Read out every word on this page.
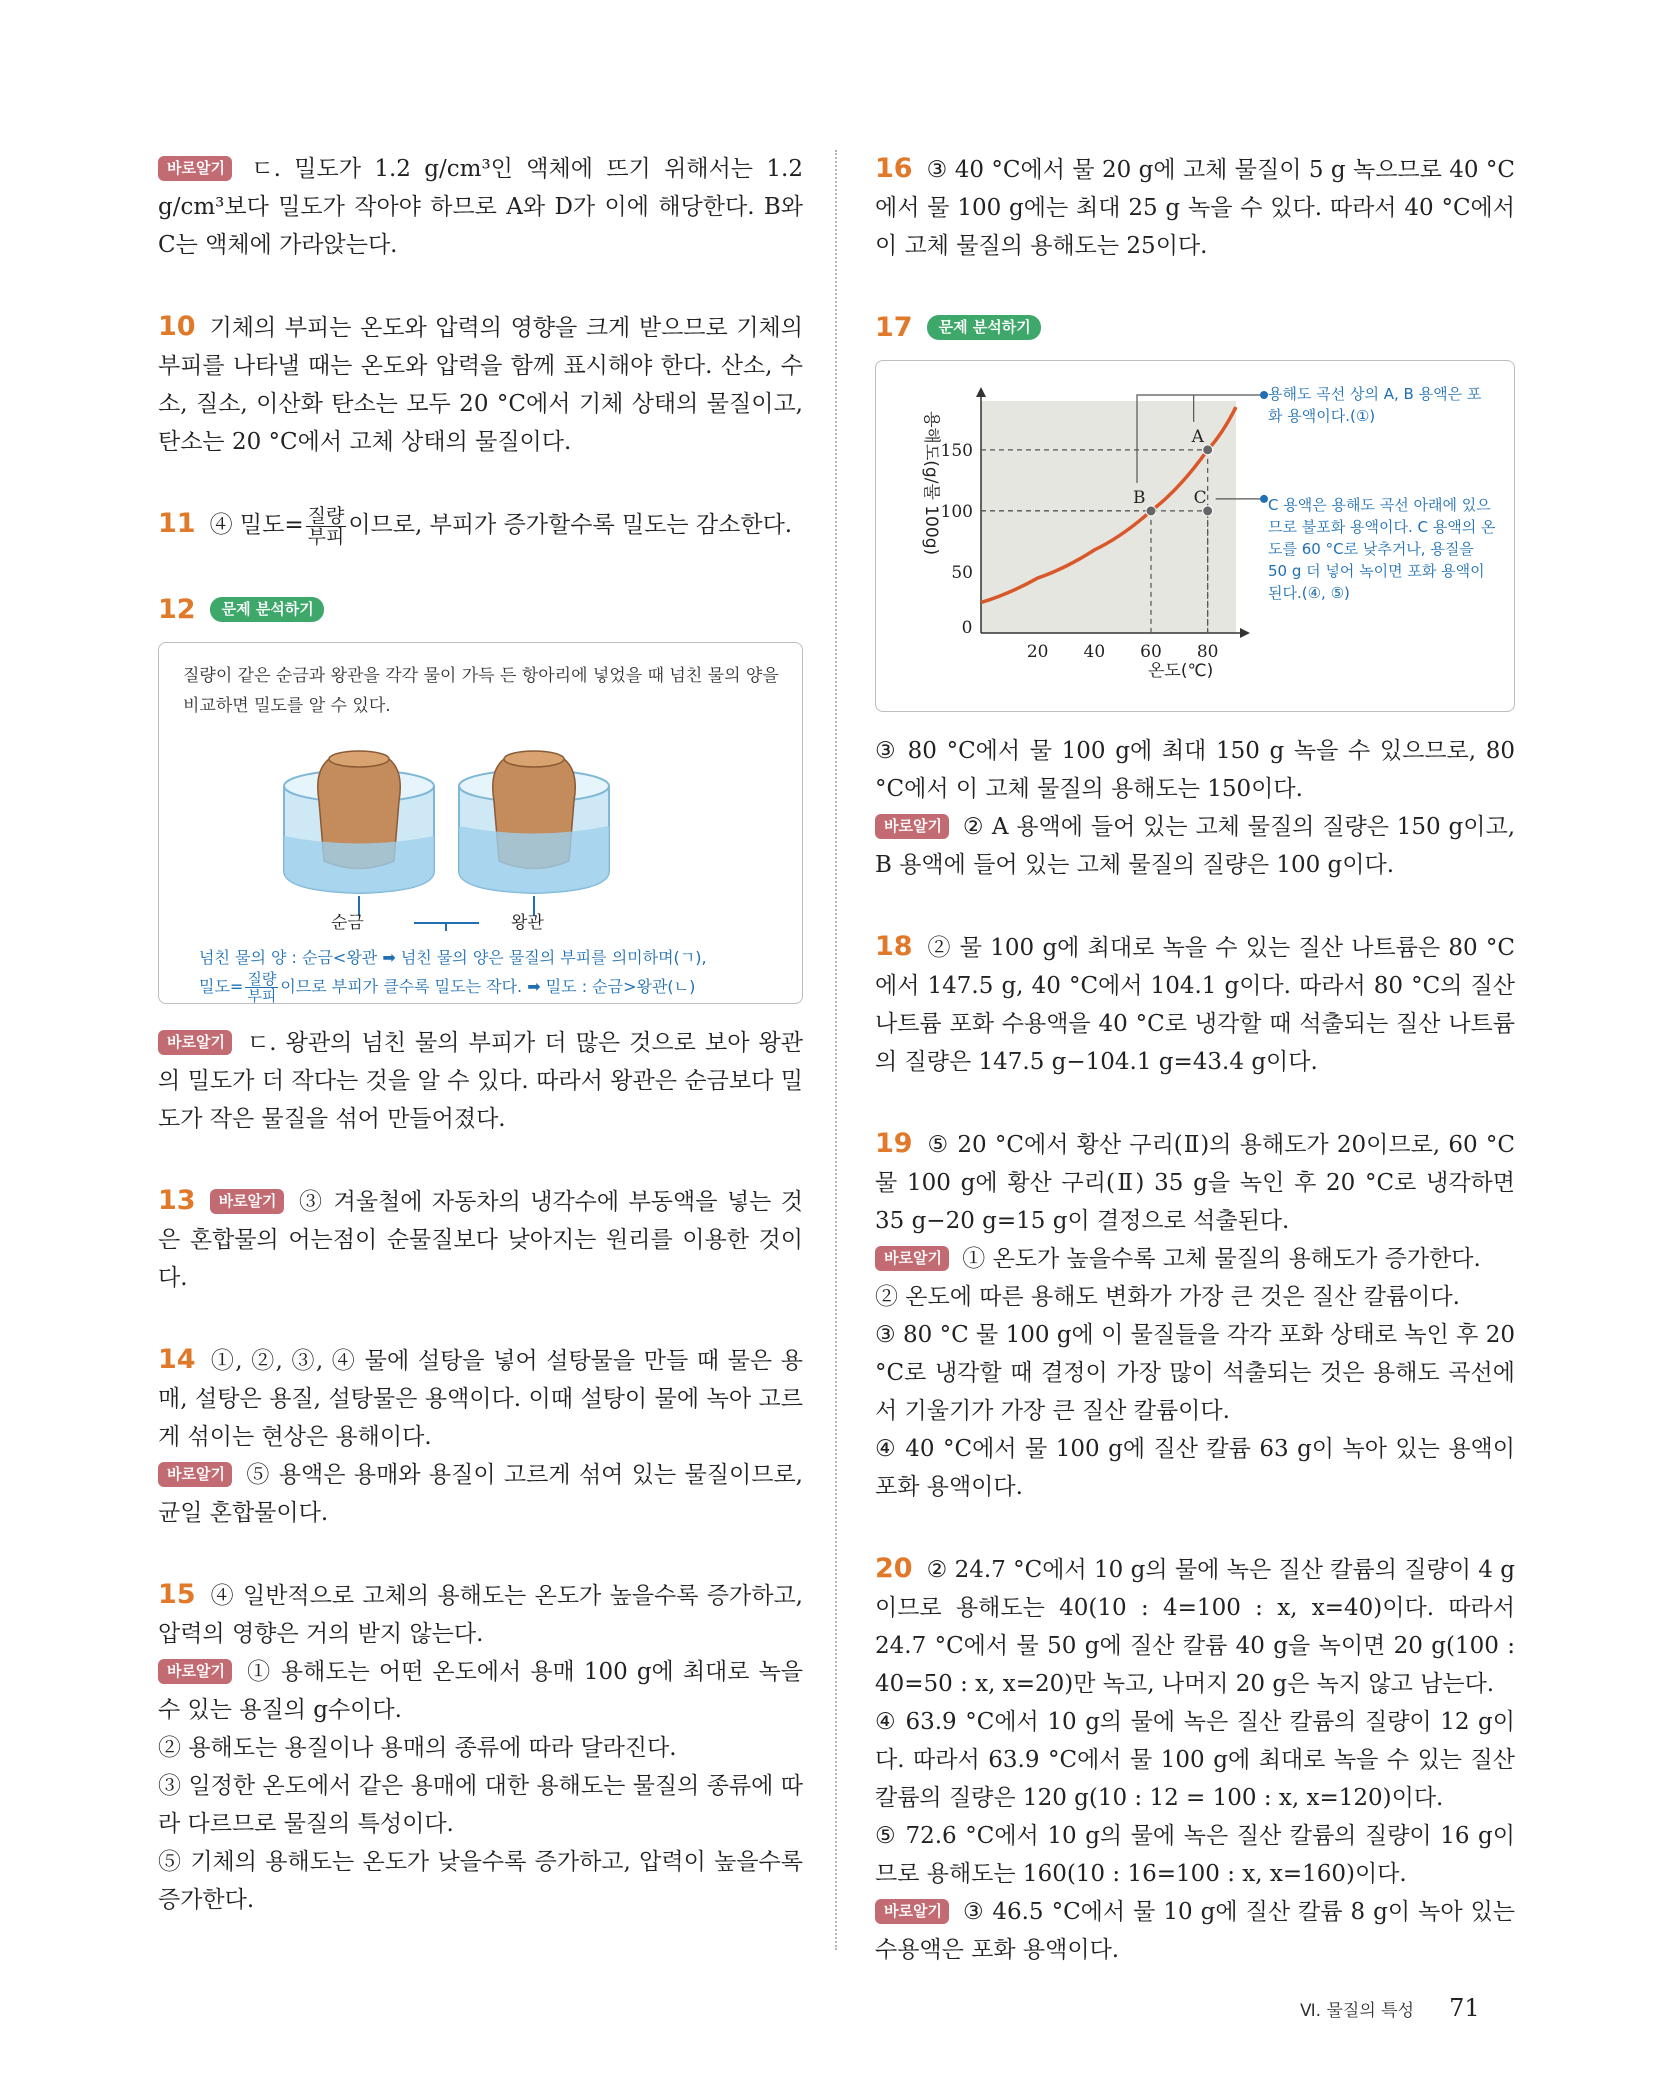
바로알기 ㄷ. 밀도가 1.2 g/cm³인 액체에 뜨기 위해서는 1.2 g/cm³보다 밀도가 작아야 하므로 A와 D가 이에 해당한다. B와 C는 액체에 가라앉는다.

10 기체의 부피는 온도와 압력의 영향을 크게 받으므로 기체의 부피를 나타낼 때는 온도와 압력을 함께 표시해야 한다. 산소, 수소, 질소, 이산화 탄소는 모두 20 °C에서 기체 상태의 물질이고, 탄소는 20 °C에서 고체 상태의 물질이다.

11 ④ 밀도= $\frac{\text{질량}}{\text{부피}}$ 이므로, 부피가 증가할수록 밀도는 감소한다.

12 문제 분석하기

질량이 같은 순금과 왕관을 각각 물이 가득 든 항아리에 넣었을 때 넘친 물의 양을 비교하면 밀도를 알 수 있다.
순금	왕관
넘친 물의 양 : 순금<왕관 ➡ 넘친 물의 양은 물질의 부피를 의미하며(ㄱ),
밀도= $\frac{\text{질량}}{\text{부피}}$ 이므로 부피가 클수록 밀도는 작다. ➡ 밀도 : 순금>왕관(ㄴ)

바로알기 ㄷ. 왕관의 넘친 물의 부피가 더 많은 것으로 보아 왕관의 밀도가 더 작다는 것을 알 수 있다. 따라서 왕관은 순금보다 밀도가 작은 물질을 섞어 만들어졌다.

13 바로알기 ③ 겨울철에 자동차의 냉각수에 부동액을 넣는 것은 혼합물의 어는점이 순물질보다 낮아지는 원리를 이용한 것이다.

14 ①, ②, ③, ④ 물에 설탕을 넣어 설탕물을 만들 때 물은 용매, 설탕은 용질, 설탕물은 용액이다. 이때 설탕이 물에 녹아 고르게 섞이는 현상은 용해이다.

바로알기 ⑤ 용액은 용매와 용질이 고르게 섞여 있는 물질이므로, 균일 혼합물이다.

15 ④ 일반적으로 고체의 용해도는 온도가 높을수록 증가하고, 압력의 영향은 거의 받지 않는다.

바로알기 ① 용해도는 어떤 온도에서 용매 100 g에 최대로 녹을 수 있는 용질의 g수이다.

② 용해도는 용질이나 용매의 종류에 따라 달라진다.

③ 일정한 온도에서 같은 용매에 대한 용해도는 물질의 종류에 따라 다르므로 물질의 특성이다.

⑤ 기체의 용해도는 온도가 낮을수록 증가하고, 압력이 높을수록 증가한다.

16 ③ 40 °C에서 물 20 g에 고체 물질이 5 g 녹으므로 40 °C에서 물 100 g에는 최대 25 g 녹을 수 있다. 따라서 40 °C에서 이 고체 물질의 용해도는 25이다.

17 문제 분석하기

용해도(g/물 100g)
온도(℃)
0
20 40 60 80
50
100
150
A
B	C
용해도 곡선 상의 A, B 용액은 포화 용액이다.(①)
C 용액은 용해도 곡선 아래에 있으므로 불포화 용액이다. C 용액의 온도를 60 °C로 낮추거나, 용질을 50 g 더 넣어 녹이면 포화 용액이 된다.(④, ⑤)

③ 80 °C에서 물 100 g에 최대 150 g 녹을 수 있으므로, 80 °C에서 이 고체 물질의 용해도는 150이다.

바로알기 ② A 용액에 들어 있는 고체 물질의 질량은 150 g이고, B 용액에 들어 있는 고체 물질의 질량은 100 g이다.

18 ② 물 100 g에 최대로 녹을 수 있는 질산 나트륨은 80 °C에서 147.5 g, 40 °C에서 104.1 g이다. 따라서 80 °C의 질산 나트륨 포화 수용액을 40 °C로 냉각할 때 석출되는 질산 나트륨의 질량은 147.5 g−104.1 g=43.4 g이다.

19 ⑤ 20 °C에서 황산 구리(Ⅱ)의 용해도가 20이므로, 60 °C 물 100 g에 황산 구리(Ⅱ) 35 g을 녹인 후 20 °C로 냉각하면 35 g−20 g=15 g이 결정으로 석출된다.

바로알기 ① 온도가 높을수록 고체 물질의 용해도가 증가한다.

② 온도에 따른 용해도 변화가 가장 큰 것은 질산 칼륨이다.

③ 80 °C 물 100 g에 이 물질들을 각각 포화 상태로 녹인 후 20 °C로 냉각할 때 결정이 가장 많이 석출되는 것은 용해도 곡선에서 기울기가 가장 큰 질산 칼륨이다.

④ 40 °C에서 물 100 g에 질산 칼륨 63 g이 녹아 있는 용액이 포화 용액이다.

20 ② 24.7 °C에서 10 g의 물에 녹은 질산 칼륨의 질량이 4 g이므로 용해도는 40(10 : 4=100 : x, x=40)이다. 따라서 24.7 °C에서 물 50 g에 질산 칼륨 40 g을 녹이면 20 g(100 : 40=50 : x, x=20)만 녹고, 나머지 20 g은 녹지 않고 남는다.

④ 63.9 °C에서 10 g의 물에 녹은 질산 칼륨의 질량이 12 g이다. 따라서 63.9 °C에서 물 100 g에 최대로 녹을 수 있는 질산 칼륨의 질량은 120 g(10 : 12 = 100 : x, x=120)이다.

⑤ 72.6 °C에서 10 g의 물에 녹은 질산 칼륨의 질량이 16 g이므로 용해도는 160(10 : 16=100 : x, x=160)이다.

바로알기 ③ 46.5 °C에서 물 10 g에 질산 칼륨 8 g이 녹아 있는 수용액은 포화 용액이다.

Ⅵ. 물질의 특성 71
